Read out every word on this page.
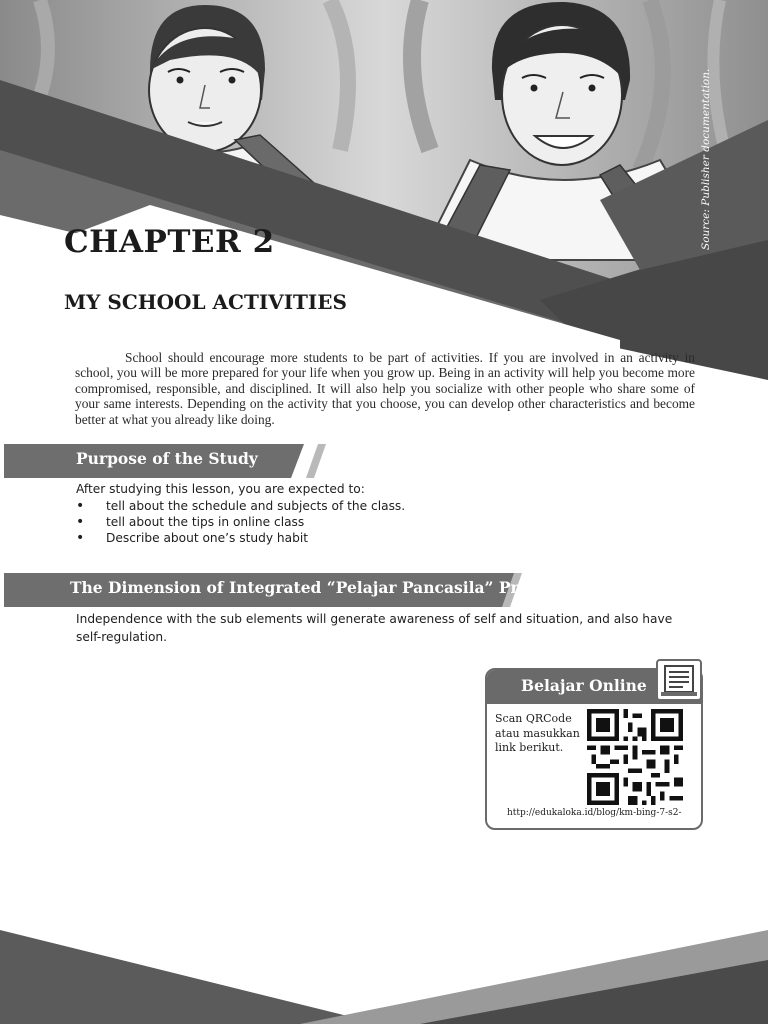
Source: Publisher documentation.
CHAPTER 2
MY SCHOOL ACTIVITIES

School should encourage more students to be part of activities. If you are involved in an activity in school, you will be more prepared for your life when you grow up. Being in an activity will help you become more compromised, responsible, and disciplined. It will also help you socialize with other people who share some of your same interests. Depending on the activity that you choose, you can develop other characteristics and become better at what you already like doing.

Purpose of the Study

After studying this lesson, you are expected to:

• tell about the schedule and subjects of the class.
• tell about the tips in online class
• Describe about one’s study habit
The Dimension of Integrated “Pelajar Pancasila” Profile

Independence with the sub elements will generate awareness of self and situation, and also have self-regulation.

Belajar Online

Scan QRCode atau masukkan link berikut.

http://edukaloka.id/blog/km-bing-7-s2-
